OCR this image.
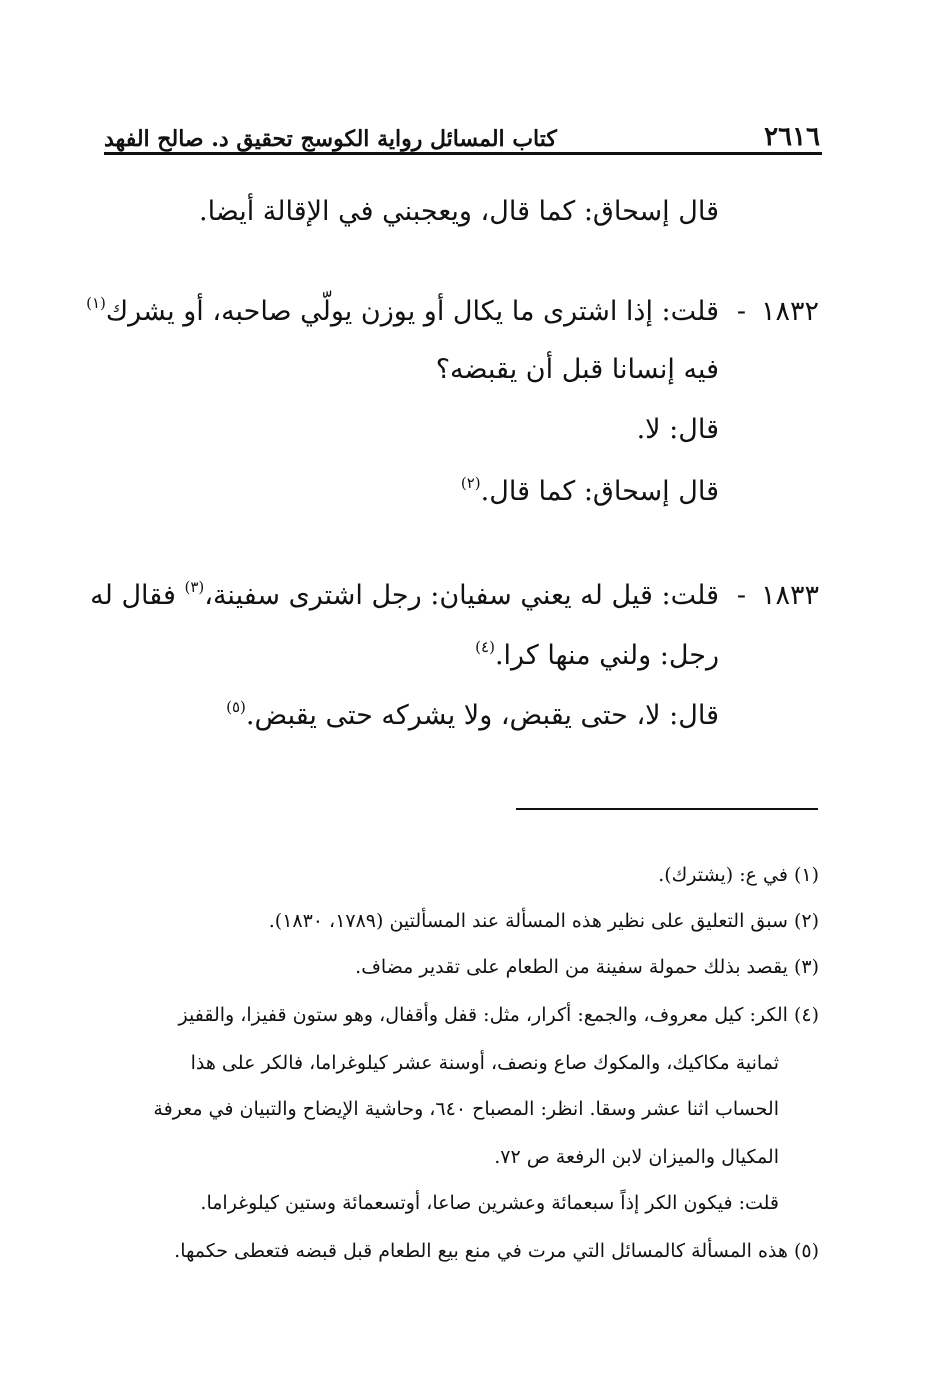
٢٦١٦
كتاب المسائل رواية الكوسج تحقيق د. صالح الفهد
قال إسحاق: كما قال، ويعجبني في الإقالة أيضا.
١٨٣٢
-
قلت: إذا اشترى ما يكال أو يوزن يولّي صاحبه، أو يشرك$^{(١)}$
فيه إنسانا قبل أن يقبضه؟
قال: لا.
قال إسحاق: كما قال.$^{(٢)}$
١٨٣٣
-
قلت: قيل له يعني سفيان: رجل اشترى سفينة،$^{(٣)}$ فقال له
رجل: ولني منها كرا.$^{(٤)}$
قال: لا، حتى يقبض، ولا يشركه حتى يقبض.$^{(٥)}$
(١) في ع: (يشترك).
(٢) سبق التعليق على نظير هذه المسألة عند المسألتين (١٧٨٩، ١٨٣٠).
(٣) يقصد بذلك حمولة سفينة من الطعام على تقدير مضاف.
(٤) الكر: كيل معروف، والجمع: أكرار، مثل: قفل وأقفال، وهو ستون قفيزا، والقفيز
ثمانية مكاكيك، والمكوك صاع ونصف، أوسنة عشر كيلوغراما، فالكر على هذا
الحساب اثنا عشر وسقا. انظر: المصباح ٦٤٠، وحاشية الإيضاح والتبيان في معرفة
المكيال والميزان لابن الرفعة ص ٧٢.
قلت: فيكون الكر إذاً سبعمائة وعشرين صاعا، أوتسعمائة وستين كيلوغراما.
(٥) هذه المسألة كالمسائل التي مرت في منع بيع الطعام قبل قبضه فتعطى حكمها.
